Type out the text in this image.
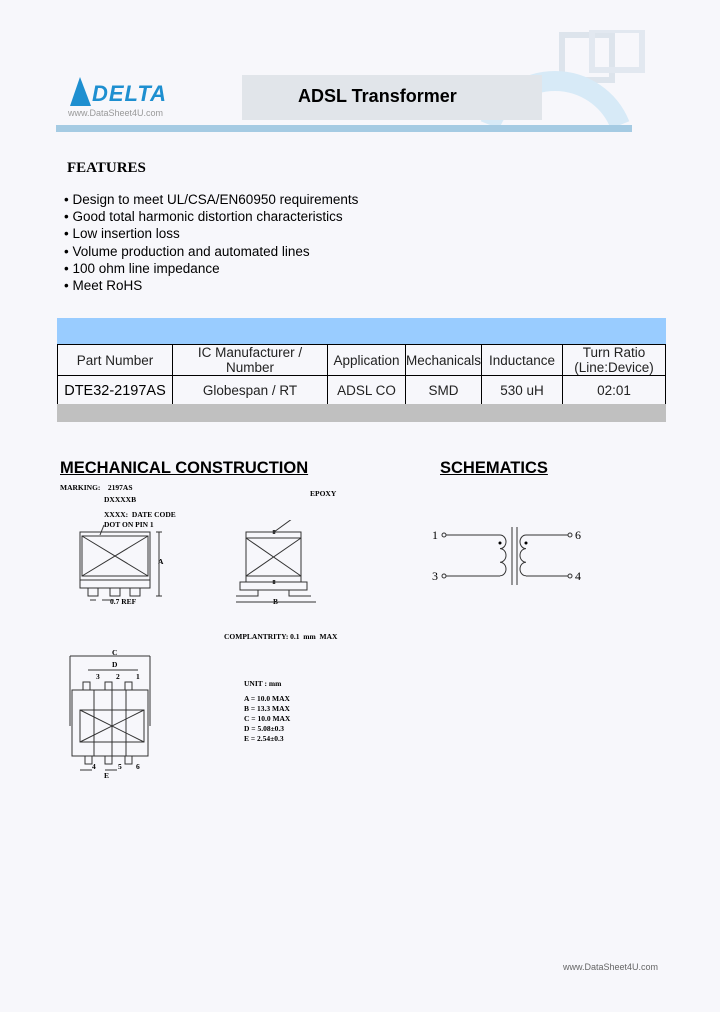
DELTA
www.DataSheet4U.com
ADSL Transformer
FEATURES
• Design to meet UL/CSA/EN60950 requirements
• Good total harmonic distortion characteristics
• Low insertion loss
• Volume production and automated lines
• 100 ohm line impedance
• Meet RoHS
Part Number	IC Manufacturer / Number	Application	Mechanicals	Inductance	Turn Ratio
(Line:Device)
DTE32-2197AS	Globespan / RT	ADSL CO	SMD	530 uH	02:01
MECHANICAL CONSTRUCTION	SCHEMATICS
MARKING:    2197AS
DXXXXB
XXXX:  DATE CODE
DOT ON PIN 1
0.7 REF
EPOXY
A
B
COMPLANTRITY: 0.1  mm  MAX
C
D
E
3 2 1
4	5 6
UNIT : mm
A = 10.0 MAX
B = 13.3 MAX
C = 10.0 MAX
D = 5.08±0.3
E = 2.54±0.3
1
3
6
4
www.DataSheet4U.com
